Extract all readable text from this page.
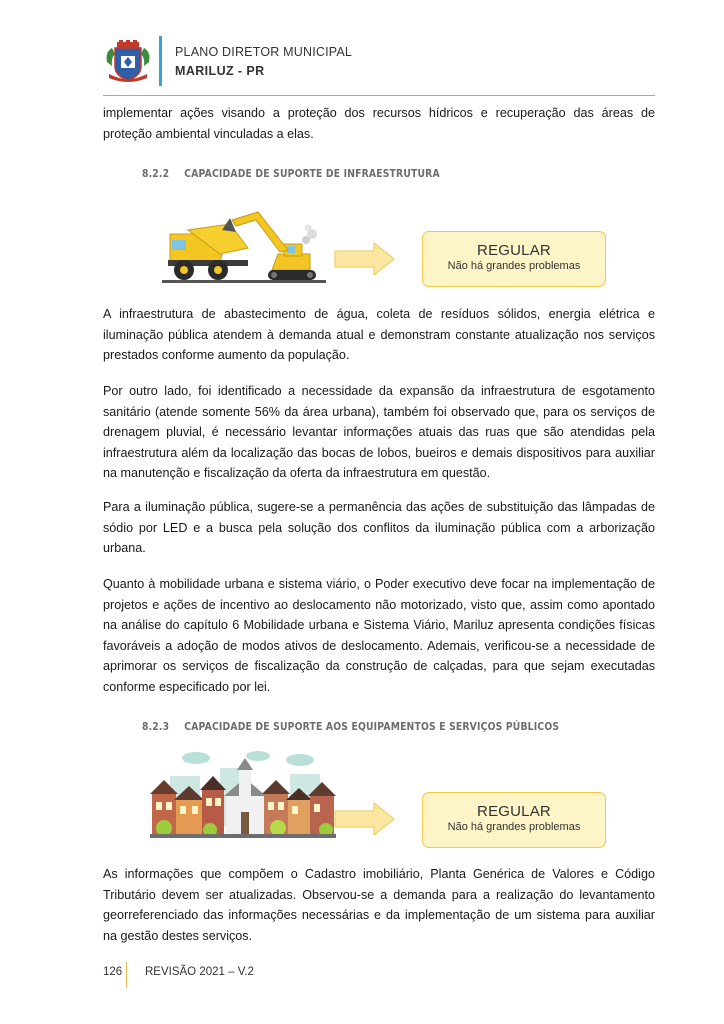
PLANO DIRETOR MUNICIPAL
MARILUZ - PR

implementar ações visando a proteção dos recursos hídricos e recuperação das áreas de proteção ambiental vinculadas a elas.

8.2.2 CAPACIDADE DE SUPORTE DE INFRAESTRUTURA
REGULAR
Não há grandes problemas

A infraestrutura de abastecimento de água, coleta de resíduos sólidos, energia elétrica e iluminação pública atendem à demanda atual e demonstram constante atualização nos serviços prestados conforme aumento da população.

Por outro lado, foi identificado a necessidade da expansão da infraestrutura de esgotamento sanitário (atende somente 56% da área urbana), também foi observado que, para os serviços de drenagem pluvial, é necessário levantar informações atuais das ruas que são atendidas pela infraestrutura além da localização das bocas de lobos, bueiros e demais dispositivos para auxiliar na manutenção e fiscalização da oferta da infraestrutura em questão.

Para a iluminação pública, sugere-se a permanência das ações de substituição das lâmpadas de sódio por LED e a busca pela solução dos conflitos da iluminação pública com a arborização urbana.

Quanto à mobilidade urbana e sistema viário, o Poder executivo deve focar na implementação de projetos e ações de incentivo ao deslocamento não motorizado, visto que, assim como apontado na análise do capítulo 6 Mobilidade urbana e Sistema Viário, Mariluz apresenta condições físicas favoráveis a adoção de modos ativos de deslocamento. Ademais, verificou-se a necessidade de aprimorar os serviços de fiscalização da construção de calçadas, para que sejam executadas conforme especificado por lei.

8.2.3 CAPACIDADE DE SUPORTE AOS EQUIPAMENTOS E SERVIÇOS PÚBLICOS
REGULAR
Não há grandes problemas

As informações que compõem o Cadastro imobiliário, Planta Genérica de Valores e Código Tributário devem ser atualizadas. Observou-se a demanda para a realização do levantamento georreferenciado das informações necessárias e da implementação de um sistema para auxiliar na gestão destes serviços.

126 REVISÃO 2021 – V.2
